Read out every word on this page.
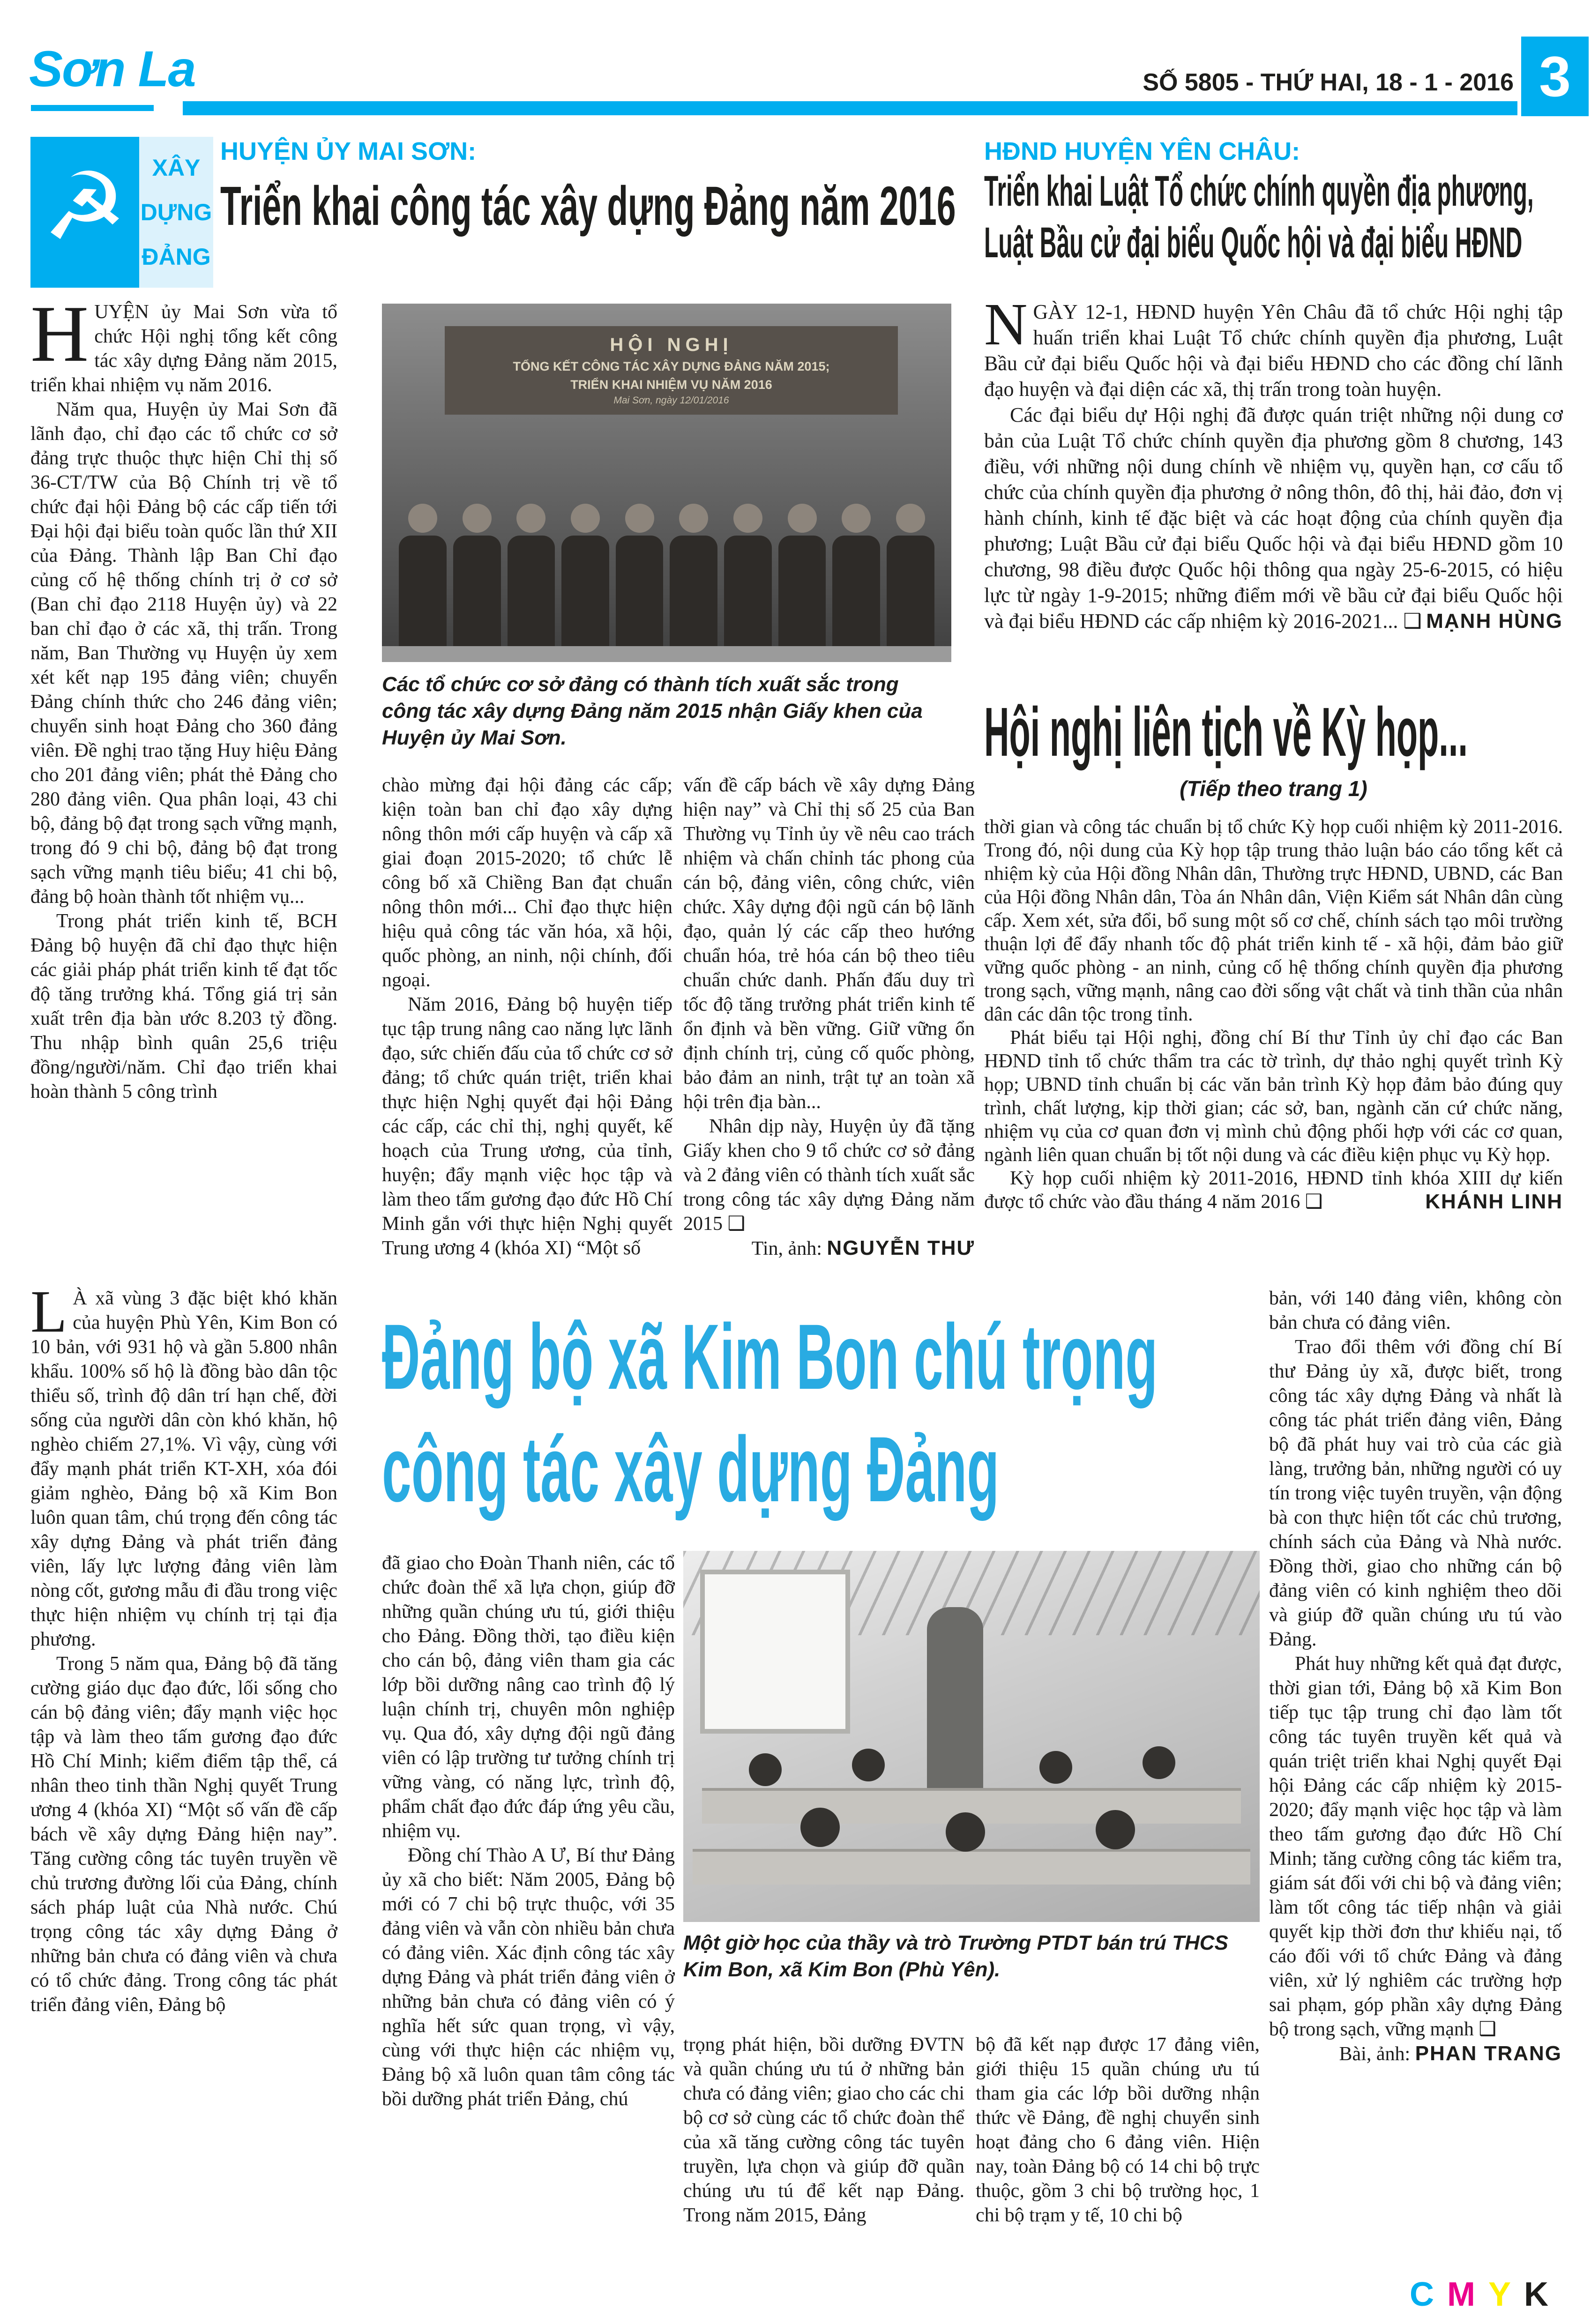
Sơn La	SỐ 5805 - THỨ HAI, 18 - 1 - 2016 3
☭	XÂY
DỰNG
ĐẢNG
HUYỆN ỦY MAI SƠN:
Triển khai công tác xây dựng Đảng năm 2016

HUYỆN ủy Mai Sơn vừa tổ chức Hội nghị tổng kết công tác xây dựng Đảng năm 2015, triển khai nhiệm vụ năm 2016.

Năm qua, Huyện ủy Mai Sơn đã lãnh đạo, chỉ đạo các tổ chức cơ sở đảng trực thuộc thực hiện Chỉ thị số 36-CT/TW của Bộ Chính trị về tổ chức đại hội Đảng bộ các cấp tiến tới Đại hội đại biểu toàn quốc lần thứ XII của Đảng. Thành lập Ban Chỉ đạo củng cố hệ thống chính trị ở cơ sở (Ban chỉ đạo 2118 Huyện ủy) và 22 ban chỉ đạo ở các xã, thị trấn. Trong năm, Ban Thường vụ Huyện ủy xem xét kết nạp 195 đảng viên; chuyển Đảng chính thức cho 246 đảng viên; chuyển sinh hoạt Đảng cho 360 đảng viên. Đề nghị trao tặng Huy hiệu Đảng cho 201 đảng viên; phát thẻ Đảng cho 280 đảng viên. Qua phân loại, 43 chi bộ, đảng bộ đạt trong sạch vững mạnh, trong đó 9 chi bộ, đảng bộ đạt trong sạch vững mạnh tiêu biểu; 41 chi bộ, đảng bộ hoàn thành tốt nhiệm vụ...

Trong phát triển kinh tế, BCH Đảng bộ huyện đã chỉ đạo thực hiện các giải pháp phát triển kinh tế đạt tốc độ tăng trưởng khá. Tổng giá trị sản xuất trên địa bàn ước 8.203 tỷ đồng. Thu nhập bình quân 25,6 triệu đồng/người/năm. Chỉ đạo triển khai hoàn thành 5 công trình

HỘI NGHỊ
TỔNG KẾT CÔNG TÁC XÂY DỰNG ĐẢNG NĂM 2015;
TRIỂN KHAI NHIỆM VỤ NĂM 2016
Mai Sơn, ngày 12/01/2016
Các tổ chức cơ sở đảng có thành tích xuất sắc trong công tác xây dựng Đảng năm 2015 nhận Giấy khen của Huyện ủy Mai Sơn.

chào mừng đại hội đảng các cấp; kiện toàn ban chỉ đạo xây dựng nông thôn mới cấp huyện và cấp xã giai đoạn 2015-2020; tổ chức lễ công bố xã Chiềng Ban đạt chuẩn nông thôn mới... Chỉ đạo thực hiện hiệu quả công tác văn hóa, xã hội, quốc phòng, an ninh, nội chính, đối ngoại.

Năm 2016, Đảng bộ huyện tiếp tục tập trung nâng cao năng lực lãnh đạo, sức chiến đấu của tổ chức cơ sở đảng; tổ chức quán triệt, triển khai thực hiện Nghị quyết đại hội Đảng các cấp, các chỉ thị, nghị quyết, kế hoạch của Trung ương, của tỉnh, huyện; đẩy mạnh việc học tập và làm theo tấm gương đạo đức Hồ Chí Minh gắn với thực hiện Nghị quyết Trung ương 4 (khóa XI) “Một số

vấn đề cấp bách về xây dựng Đảng hiện nay” và Chỉ thị số 25 của Ban Thường vụ Tỉnh ủy về nêu cao trách nhiệm và chấn chỉnh tác phong của cán bộ, đảng viên, công chức, viên chức. Xây dựng đội ngũ cán bộ lãnh đạo, quản lý các cấp theo hướng chuẩn hóa, trẻ hóa cán bộ theo tiêu chuẩn chức danh. Phấn đấu duy trì tốc độ tăng trưởng phát triển kinh tế ổn định và bền vững. Giữ vững ổn định chính trị, củng cố quốc phòng, bảo đảm an ninh, trật tự an toàn xã hội trên địa bàn...

Nhân dịp này, Huyện ủy đã tặng Giấy khen cho 9 tổ chức cơ sở đảng và 2 đảng viên có thành tích xuất sắc trong công tác xây dựng Đảng năm 2015 ❑

Tin, ảnh: NGUYỄN THƯ
HĐND HUYỆN YÊN CHÂU:
Triển khai Luật Tổ chức chính quyền địa phương,
Luật Bầu cử đại biểu Quốc hội và đại biểu HĐND

NGÀY 12-1, HĐND huyện Yên Châu đã tổ chức Hội nghị tập huấn triển khai Luật Tổ chức chính quyền địa phương, Luật Bầu cử đại biểu Quốc hội và đại biểu HĐND cho các đồng chí lãnh đạo huyện và đại diện các xã, thị trấn trong toàn huyện.

Các đại biểu dự Hội nghị đã được quán triệt những nội dung cơ bản của Luật Tổ chức chính quyền địa phương gồm 8 chương, 143 điều, với những nội dung chính về nhiệm vụ, quyền hạn, cơ cấu tổ chức của chính quyền địa phương ở nông thôn, đô thị, hải đảo, đơn vị hành chính, kinh tế đặc biệt và các hoạt động của chính quyền địa phương; Luật Bầu cử đại biểu Quốc hội và đại biểu HĐND gồm 10 chương, 98 điều được Quốc hội thông qua ngày 25-6-2015, có hiệu lực từ ngày 1-9-2015; những điểm mới về bầu cử đại biểu Quốc hội và đại biểu HĐND các cấp nhiệm kỳ 2016-2021... ❑ MẠNH HÙNG
Hội nghị liên tịch về Kỳ họp...
(Tiếp theo trang 1)

thời gian và công tác chuẩn bị tổ chức Kỳ họp cuối nhiệm kỳ 2011-2016. Trong đó, nội dung của Kỳ họp tập trung thảo luận báo cáo tổng kết cả nhiệm kỳ của Hội đồng Nhân dân, Thường trực HĐND, UBND, các Ban của Hội đồng Nhân dân, Tòa án Nhân dân, Viện Kiểm sát Nhân dân cùng cấp. Xem xét, sửa đổi, bổ sung một số cơ chế, chính sách tạo môi trường thuận lợi để đẩy nhanh tốc độ phát triển kinh tế - xã hội, đảm bảo giữ vững quốc phòng - an ninh, củng cố hệ thống chính quyền địa phương trong sạch, vững mạnh, nâng cao đời sống vật chất và tinh thần của nhân dân các dân tộc trong tỉnh.

Phát biểu tại Hội nghị, đồng chí Bí thư Tỉnh ủy chỉ đạo các Ban HĐND tỉnh tổ chức thẩm tra các tờ trình, dự thảo nghị quyết trình Kỳ họp; UBND tỉnh chuẩn bị các văn bản trình Kỳ họp đảm bảo đúng quy trình, chất lượng, kịp thời gian; các sở, ban, ngành căn cứ chức năng, nhiệm vụ của cơ quan đơn vị mình chủ động phối hợp với các cơ quan, ngành liên quan chuẩn bị tốt nội dung và các điều kiện phục vụ Kỳ họp.

Kỳ họp cuối nhiệm kỳ 2011-2016, HĐND tỉnh khóa XIII dự kiến được tổ chức vào đầu tháng 4 năm 2016 ❑	KHÁNH LINH

L À xã vùng 3 đặc biệt khó khăn của huyện Phù Yên, Kim Bon có 10 bản, với 931 hộ và gần 5.800 nhân khẩu. 100% số hộ là đồng bào dân tộc thiểu số, trình độ dân trí hạn chế, đời sống của người dân còn khó khăn, hộ nghèo chiếm 27,1%. Vì vậy, cùng với đẩy mạnh phát triển KT-XH, xóa đói giảm nghèo, Đảng bộ xã Kim Bon luôn quan tâm, chú trọng đến công tác xây dựng Đảng và phát triển đảng viên, lấy lực lượng đảng viên làm nòng cốt, gương mẫu đi đầu trong việc thực hiện nhiệm vụ chính trị tại địa phương.

Trong 5 năm qua, Đảng bộ đã tăng cường giáo dục đạo đức, lối sống cho cán bộ đảng viên; đẩy mạnh việc học tập và làm theo tấm gương đạo đức Hồ Chí Minh; kiểm điểm tập thể, cá nhân theo tinh thần Nghị quyết Trung ương 4 (khóa XI) “Một số vấn đề cấp bách về xây dựng Đảng hiện nay”. Tăng cường công tác tuyên truyền về chủ trương đường lối của Đảng, chính sách pháp luật của Nhà nước. Chú trọng công tác xây dựng Đảng ở những bản chưa có đảng viên và chưa có tổ chức đảng. Trong công tác phát triển đảng viên, Đảng bộ

Đảng bộ xã Kim Bon chú trọng
công tác xây dựng Đảng

đã giao cho Đoàn Thanh niên, các tổ chức đoàn thể xã lựa chọn, giúp đỡ những quần chúng ưu tú, giới thiệu cho Đảng. Đồng thời, tạo điều kiện cho cán bộ, đảng viên tham gia các lớp bồi dưỡng nâng cao trình độ lý luận chính trị, chuyên môn nghiệp vụ. Qua đó, xây dựng đội ngũ đảng viên có lập trường tư tưởng chính trị vững vàng, có năng lực, trình độ, phẩm chất đạo đức đáp ứng yêu cầu, nhiệm vụ.

Đồng chí Thào A Ư, Bí thư Đảng ủy xã cho biết: Năm 2005, Đảng bộ mới có 7 chi bộ trực thuộc, với 35 đảng viên và vẫn còn nhiều bản chưa có đảng viên. Xác định công tác xây dựng Đảng và phát triển đảng viên ở những bản chưa có đảng viên có ý nghĩa hết sức quan trọng, vì vậy, cùng với thực hiện các nhiệm vụ, Đảng bộ xã luôn quan tâm công tác bồi dưỡng phát triển Đảng, chú

Một giờ học của thầy và trò Trường PTDT bán trú THCS Kim Bon, xã Kim Bon (Phù Yên).

trọng phát hiện, bồi dưỡng ĐVTN và quần chúng ưu tú ở những bản chưa có đảng viên; giao cho các chi bộ cơ sở cùng các tổ chức đoàn thể của xã tăng cường công tác tuyên truyền, lựa chọn và giúp đỡ quần chúng ưu tú để kết nạp Đảng. Trong năm 2015, Đảng

bộ đã kết nạp được 17 đảng viên, giới thiệu 15 quần chúng ưu tú tham gia các lớp bồi dưỡng nhận thức về Đảng, đề nghị chuyển sinh hoạt đảng cho 6 đảng viên. Hiện nay, toàn Đảng bộ có 14 chi bộ trực thuộc, gồm 3 chi bộ trường học, 1 chi bộ trạm y tế, 10 chi bộ

bản, với 140 đảng viên, không còn bản chưa có đảng viên.

Trao đổi thêm với đồng chí Bí thư Đảng ủy xã, được biết, trong công tác xây dựng Đảng và nhất là công tác phát triển đảng viên, Đảng bộ đã phát huy vai trò của các già làng, trưởng bản, những người có uy tín trong việc tuyên truyền, vận động bà con thực hiện tốt các chủ trương, chính sách của Đảng và Nhà nước. Đồng thời, giao cho những cán bộ đảng viên có kinh nghiệm theo dõi và giúp đỡ quần chúng ưu tú vào Đảng.

Phát huy những kết quả đạt được, thời gian tới, Đảng bộ xã Kim Bon tiếp tục tập trung chỉ đạo làm tốt công tác tuyên truyền kết quả và quán triệt triển khai Nghị quyết Đại hội Đảng các cấp nhiệm kỳ 2015-2020; đẩy mạnh việc học tập và làm theo tấm gương đạo đức Hồ Chí Minh; tăng cường công tác kiểm tra, giám sát đối với chi bộ và đảng viên; làm tốt công tác tiếp nhận và giải quyết kịp thời đơn thư khiếu nại, tố cáo đối với tổ chức Đảng và đảng viên, xử lý nghiêm các trường hợp sai phạm, góp phần xây dựng Đảng bộ trong sạch, vững mạnh ❑

Bài, ảnh: PHAN TRANG
CMYK
